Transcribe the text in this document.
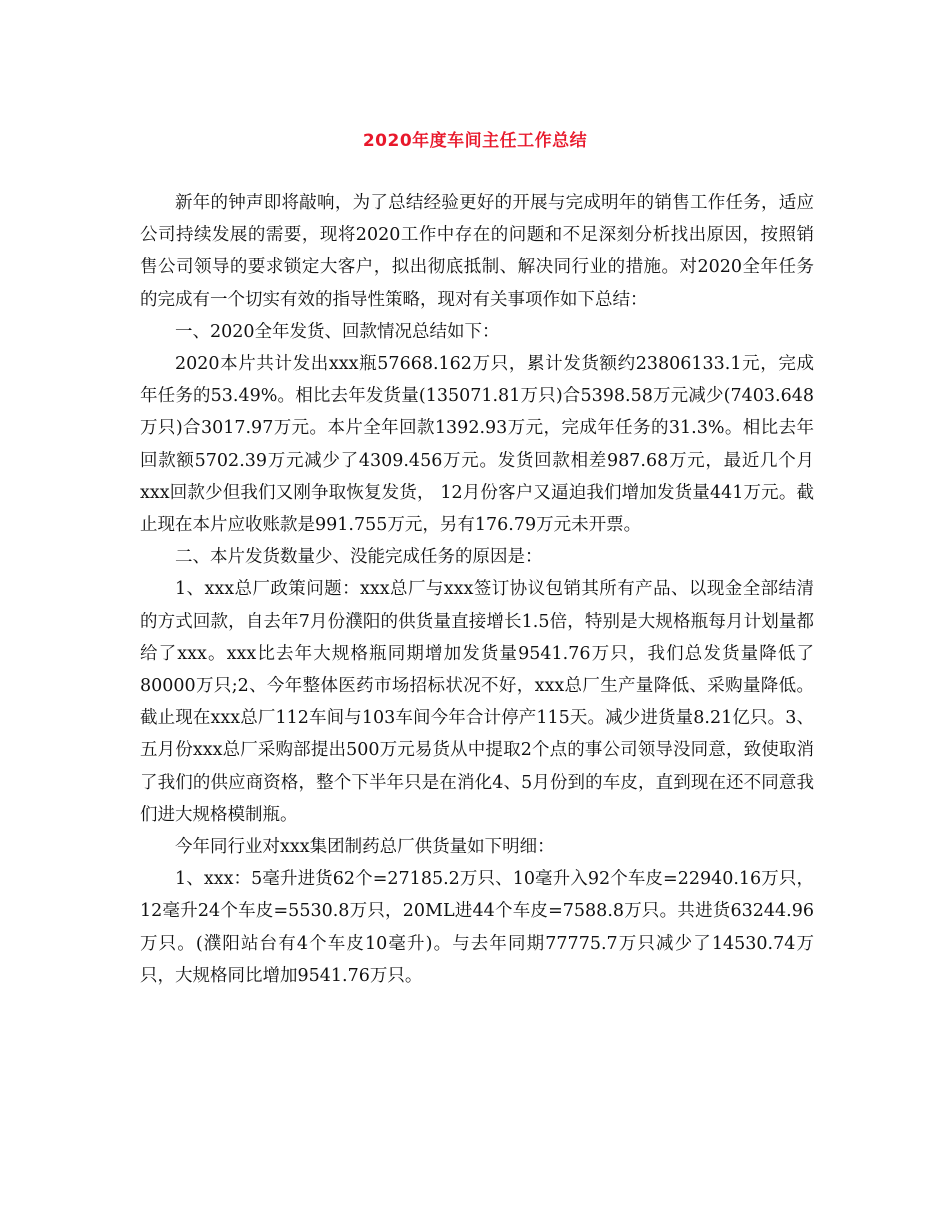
2020年度车间主任工作总结

新年的钟声即将敲响，为了总结经验更好的开展与完成明年的销售工作任务，适应公司持续发展的需要，现将2020工作中存在的问题和不足深刻分析找出原因，按照销售公司领导的要求锁定大客户，拟出彻底抵制、解决同行业的措施。对2020全年任务的完成有一个切实有效的指导性策略，现对有关事项作如下总结：

一、2020全年发货、回款情况总结如下：

2020本片共计发出xxx瓶57668.162万只，累计发货额约23806133.1元，完成年任务的53.49%。相比去年发货量(135071.81万只)合5398.58万元减少(7403.648万只)合3017.97万元。本片全年回款1392.93万元，完成年任务的31.3%。相比去年回款额5702.39万元减少了4309.456万元。发货回款相差987.68万元，最近几个月xxx回款少但我们又刚争取恢复发货， 12月份客户又逼迫我们增加发货量441万元。截止现在本片应收账款是991.755万元，另有176.79万元未开票。

二、本片发货数量少、没能完成任务的原因是：

1、xxx总厂政策问题：xxx总厂与xxx签订协议包销其所有产品、以现金全部结清的方式回款，自去年7月份濮阳的供货量直接增长1.5倍，特别是大规格瓶每月计划量都给了xxx。xxx比去年大规格瓶同期增加发货量9541.76万只，我们总发货量降低了80000万只;2、今年整体医药市场招标状况不好，xxx总厂生产量降低、采购量降低。截止现在xxx总厂112车间与103车间今年合计停产115天。减少进货量8.21亿只。3、五月份xxx总厂采购部提出500万元易货从中提取2个点的事公司领导没同意，致使取消了我们的供应商资格，整个下半年只是在消化4、5月份到的车皮，直到现在还不同意我们进大规格模制瓶。

今年同行业对xxx集团制药总厂供货量如下明细：

1、xxx：5毫升进货62个=27185.2万只、10毫升入92个车皮=22940.16万只，12毫升24个车皮=5530.8万只，20ML进44个车皮=7588.8万只。共进货63244.96万只。(濮阳站台有4个车皮10毫升)。与去年同期77775.7万只减少了14530.74万只，大规格同比增加9541.76万只。
